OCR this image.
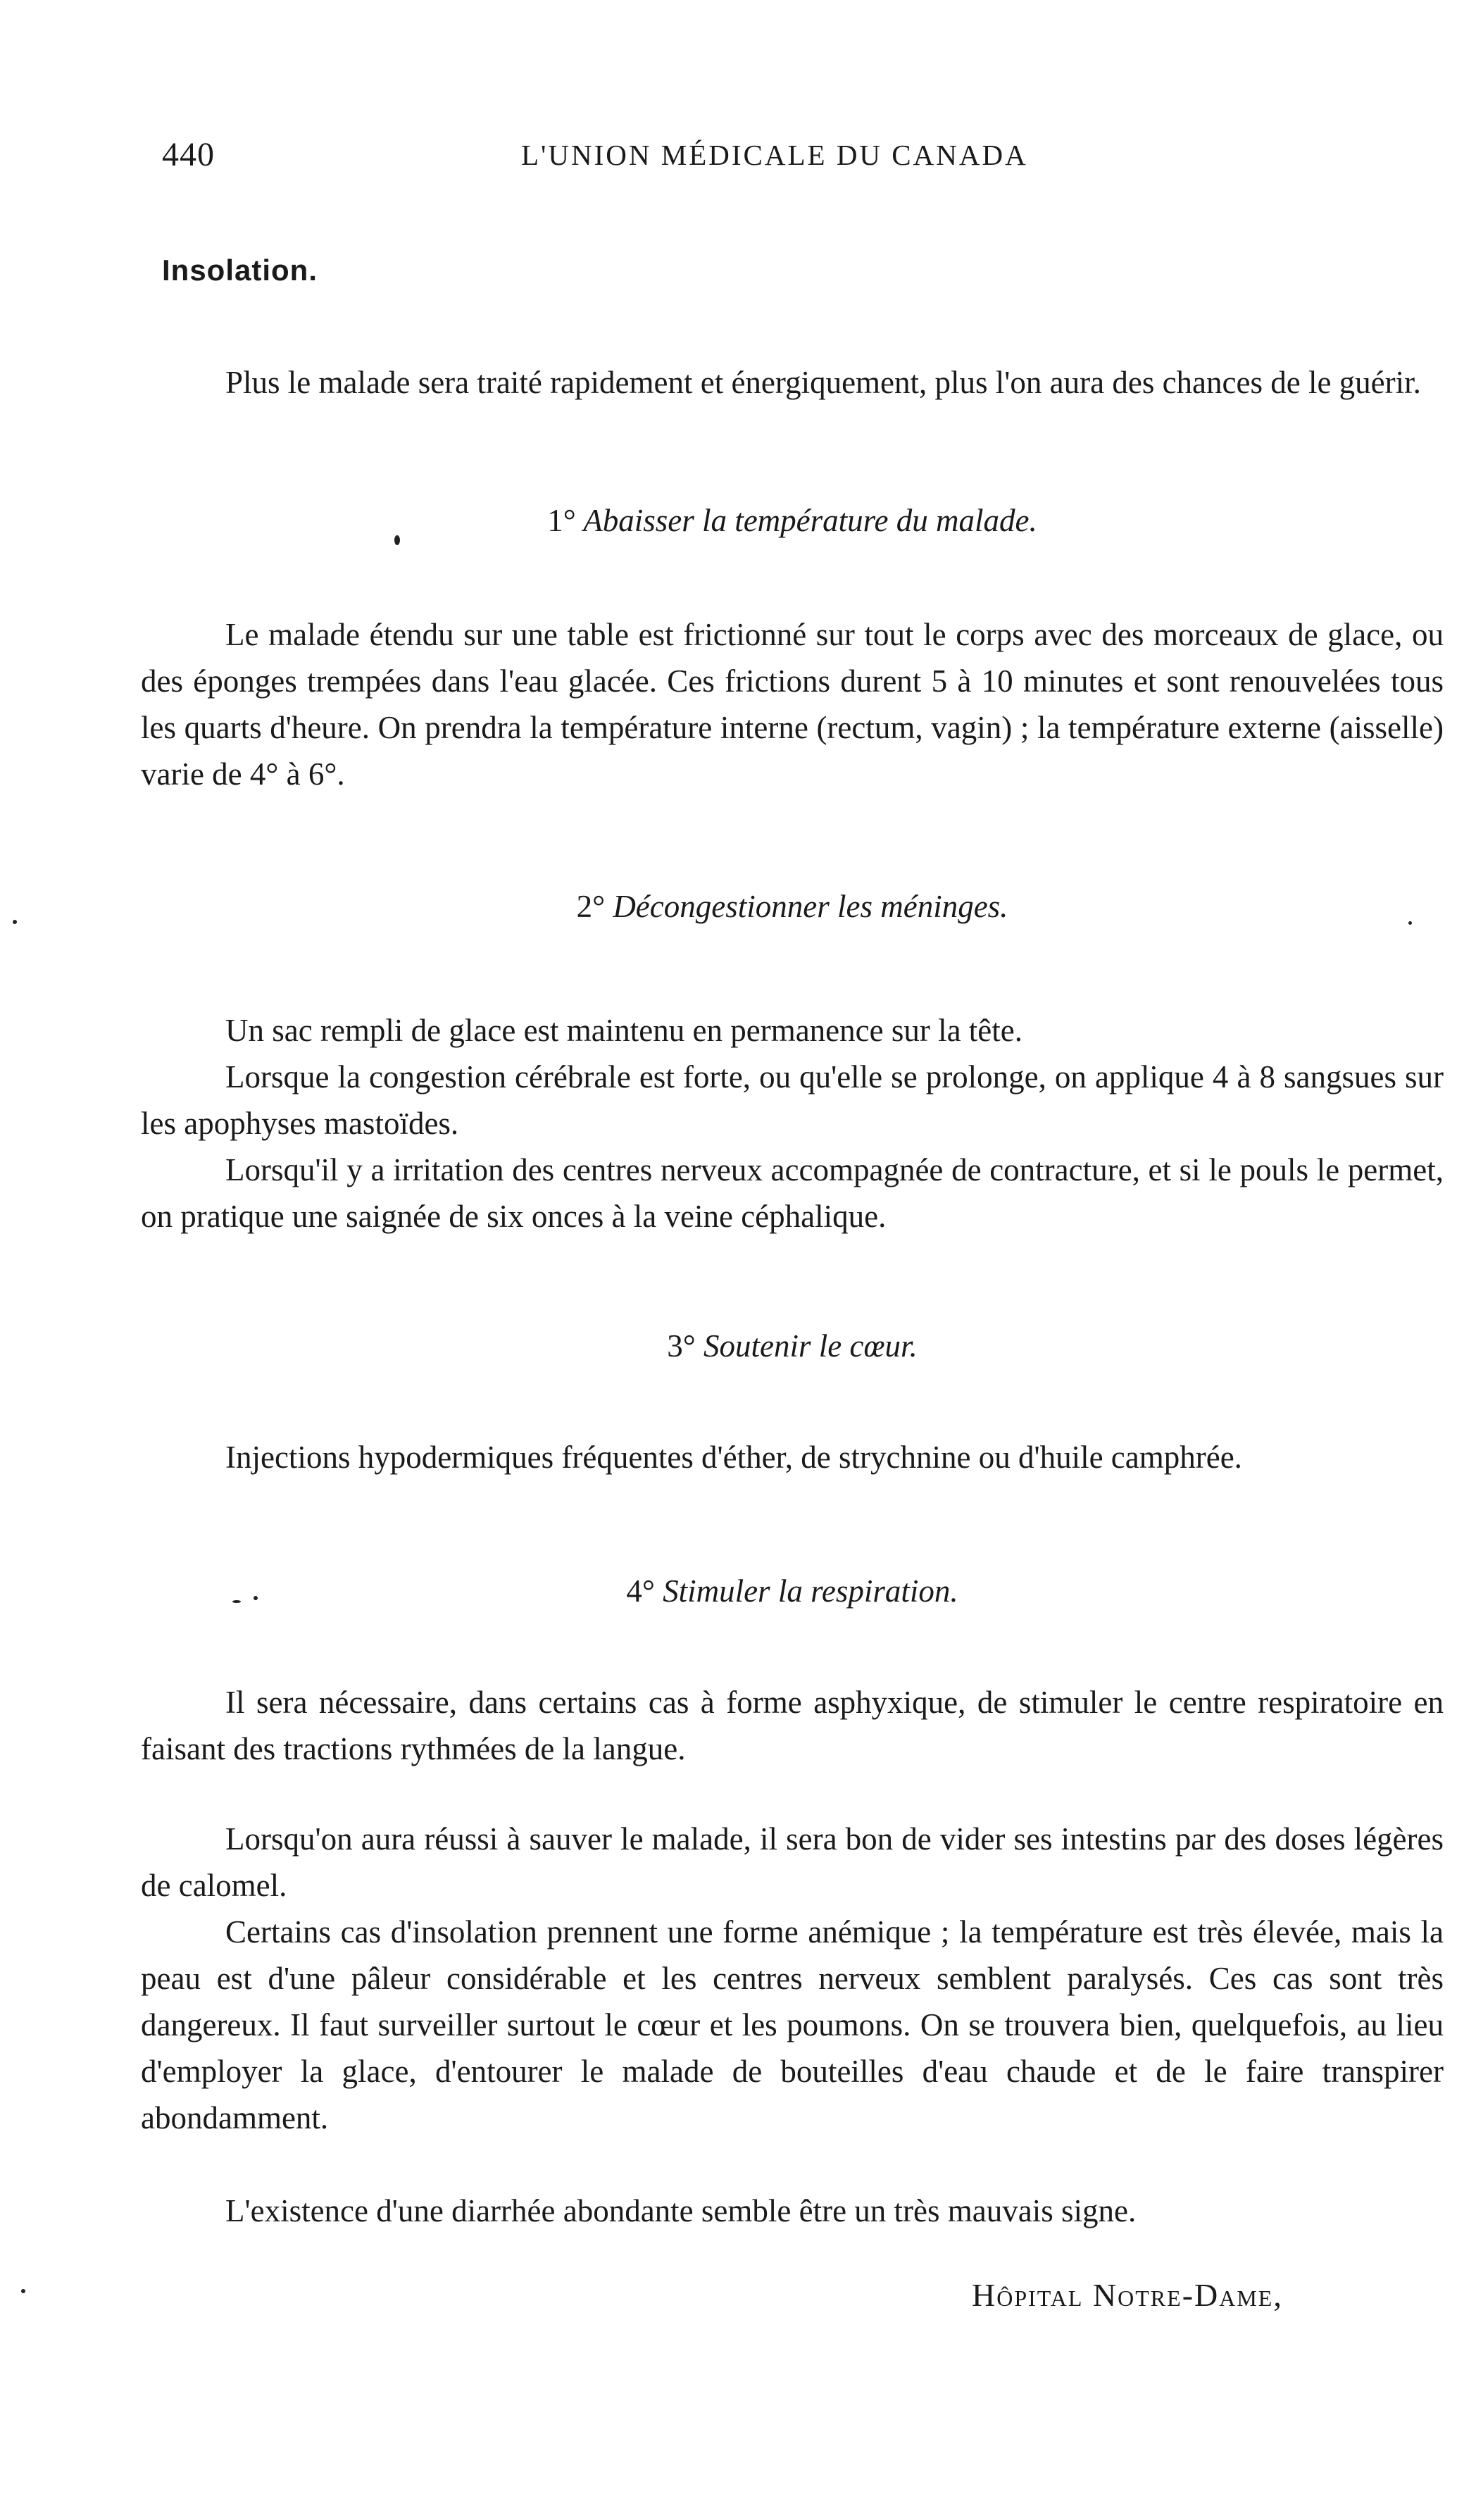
440	L'UNION MÉDICALE DU CANADA
Insolation.

Plus le malade sera traité rapidement et énergiquement, plus l'on aura des chances de le guérir.

1° Abaisser la température du malade.

Le malade étendu sur une table est frictionné sur tout le corps avec des morceaux de glace, ou des éponges trempées dans l'eau glacée. Ces frictions durent 5 à 10 minutes et sont renouvelées tous les quarts d'heure. On prendra la température interne (rectum, vagin) ; la température externe (aisselle) varie de 4° à 6°.

2° Décongestionner les méninges.

Un sac rempli de glace est maintenu en permanence sur la tête.

Lorsque la congestion cérébrale est forte, ou qu'elle se prolonge, on applique 4 à 8 sangsues sur les apophyses mastoïdes.

Lorsqu'il y a irritation des centres nerveux accompagnée de contracture, et si le pouls le permet, on pratique une saignée de six onces à la veine céphalique.

3° Soutenir le cœur.

Injections hypodermiques fréquentes d'éther, de strychnine ou d'huile camphrée.

4° Stimuler la respiration.

Il sera nécessaire, dans certains cas à forme asphyxique, de stimuler le centre respiratoire en faisant des tractions rythmées de la langue.

Lorsqu'on aura réussi à sauver le malade, il sera bon de vider ses intestins par des doses légères de calomel.

Certains cas d'insolation prennent une forme anémique ; la température est très élevée, mais la peau est d'une pâleur considérable et les centres nerveux semblent paralysés. Ces cas sont très dangereux. Il faut surveiller surtout le cœur et les poumons. On se trouvera bien, quelquefois, au lieu d'employer la glace, d'entourer le malade de bouteilles d'eau chaude et de le faire transpirer abondamment.

L'existence d'une diarrhée abondante semble être un très mauvais signe.

Hôpital Notre-Dame,
